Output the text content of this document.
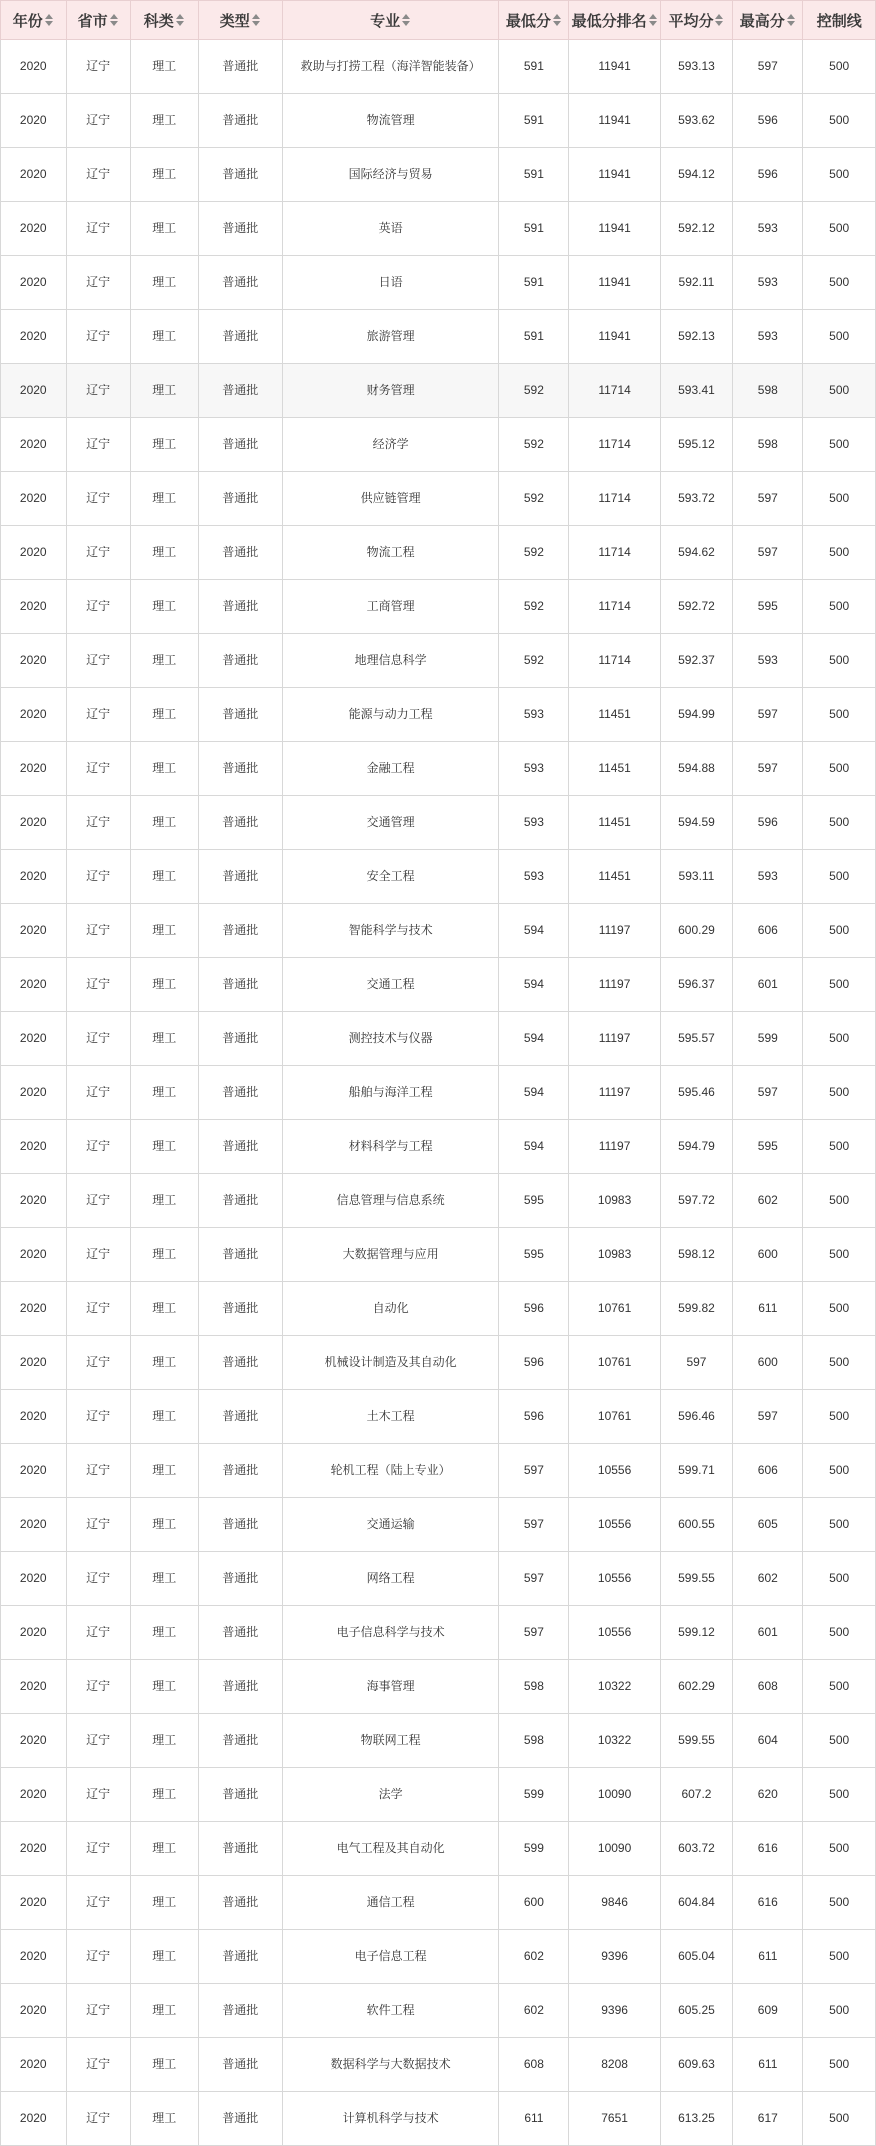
年份	省市	科类	类型	专业	最低分	最低分排名	平均分	最高分	控制线

2020	辽宁	理工	普通批	救助与打捞工程（海洋智能装备）	591	11941	593.13	597	500
2020	辽宁	理工	普通批	物流管理	591	11941	593.62	596	500
2020	辽宁	理工	普通批	国际经济与贸易	591	11941	594.12	596	500
2020	辽宁	理工	普通批	英语	591	11941	592.12	593	500
2020	辽宁	理工	普通批	日语	591	11941	592.11	593	500
2020	辽宁	理工	普通批	旅游管理	591	11941	592.13	593	500
2020	辽宁	理工	普通批	财务管理	592	11714	593.41	598	500
2020	辽宁	理工	普通批	经济学	592	11714	595.12	598	500
2020	辽宁	理工	普通批	供应链管理	592	11714	593.72	597	500
2020	辽宁	理工	普通批	物流工程	592	11714	594.62	597	500
2020	辽宁	理工	普通批	工商管理	592	11714	592.72	595	500
2020	辽宁	理工	普通批	地理信息科学	592	11714	592.37	593	500
2020	辽宁	理工	普通批	能源与动力工程	593	11451	594.99	597	500
2020	辽宁	理工	普通批	金融工程	593	11451	594.88	597	500
2020	辽宁	理工	普通批	交通管理	593	11451	594.59	596	500
2020	辽宁	理工	普通批	安全工程	593	11451	593.11	593	500
2020	辽宁	理工	普通批	智能科学与技术	594	11197	600.29	606	500
2020	辽宁	理工	普通批	交通工程	594	11197	596.37	601	500
2020	辽宁	理工	普通批	测控技术与仪器	594	11197	595.57	599	500
2020	辽宁	理工	普通批	船舶与海洋工程	594	11197	595.46	597	500
2020	辽宁	理工	普通批	材料科学与工程	594	11197	594.79	595	500
2020	辽宁	理工	普通批	信息管理与信息系统	595	10983	597.72	602	500
2020	辽宁	理工	普通批	大数据管理与应用	595	10983	598.12	600	500
2020	辽宁	理工	普通批	自动化	596	10761	599.82	611	500
2020	辽宁	理工	普通批	机械设计制造及其自动化	596	10761	597	600	500
2020	辽宁	理工	普通批	土木工程	596	10761	596.46	597	500
2020	辽宁	理工	普通批	轮机工程（陆上专业）	597	10556	599.71	606	500
2020	辽宁	理工	普通批	交通运输	597	10556	600.55	605	500
2020	辽宁	理工	普通批	网络工程	597	10556	599.55	602	500
2020	辽宁	理工	普通批	电子信息科学与技术	597	10556	599.12	601	500
2020	辽宁	理工	普通批	海事管理	598	10322	602.29	608	500
2020	辽宁	理工	普通批	物联网工程	598	10322	599.55	604	500
2020	辽宁	理工	普通批	法学	599	10090	607.2	620	500
2020	辽宁	理工	普通批	电气工程及其自动化	599	10090	603.72	616	500
2020	辽宁	理工	普通批	通信工程	600	9846	604.84	616	500
2020	辽宁	理工	普通批	电子信息工程	602	9396	605.04	611	500
2020	辽宁	理工	普通批	软件工程	602	9396	605.25	609	500
2020	辽宁	理工	普通批	数据科学与大数据技术	608	8208	609.63	611	500
2020	辽宁	理工	普通批	计算机科学与技术	611	7651	613.25	617	500
